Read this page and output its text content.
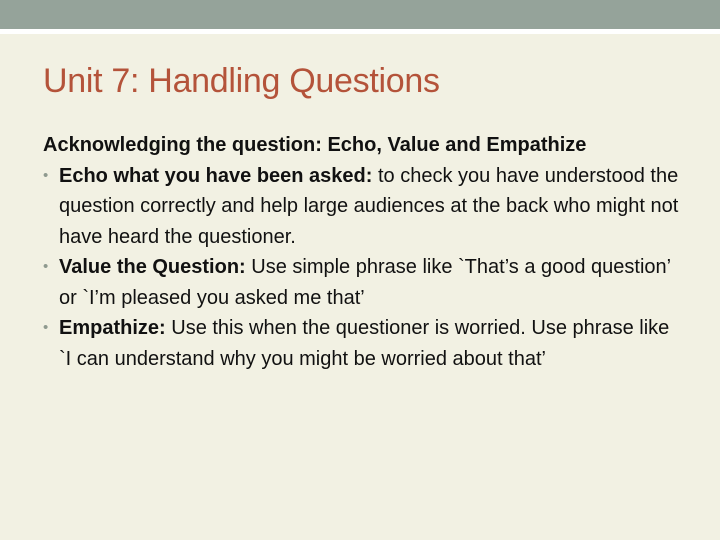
Unit 7: Handling Questions

Acknowledging the question: Echo, Value and Empathize

• Echo what you have been asked: to check you have understood the question correctly and help large audiences at the back who might not have heard the questioner.
• Value the Question: Use simple phrase like `That’s a good question’ or `I’m pleased you asked me that’
• Empathize: Use this when the questioner is worried. Use phrase like `I can understand why you might be worried about that’
